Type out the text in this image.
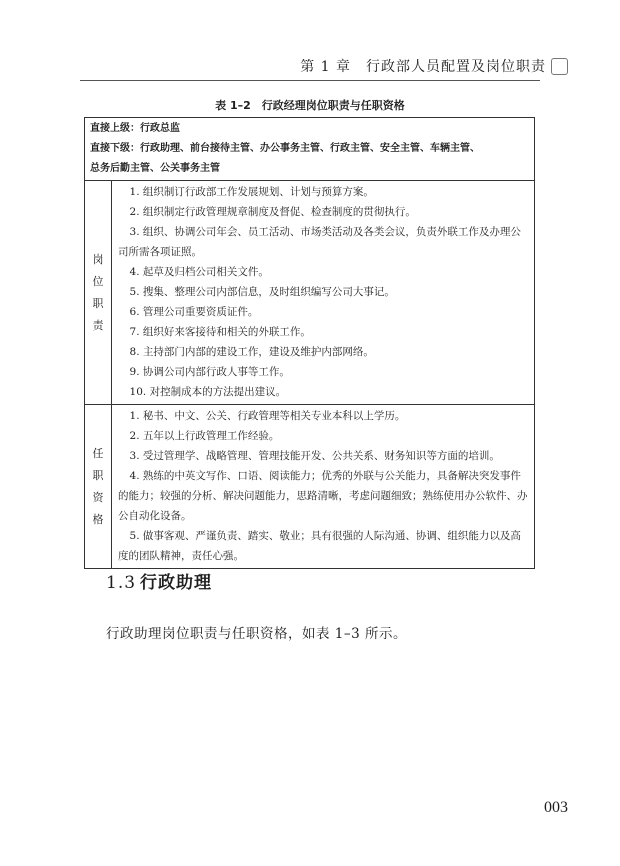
第 1 章　行政部人员配置及岗位职责
表 1–2　行政经理岗位职责与任职资格
直接上级：行政总监
直接下级：行政助理、前台接待主管、办公事务主管、行政主管、安全主管、车辆主管、
总务后勤主管、公关事务主管
岗
位
职
责
1. 组织制订行政部工作发展规划、计划与预算方案。
2. 组织制定行政管理规章制度及督促、检查制度的贯彻执行。
3. 组织、协调公司年会、员工活动、市场类活动及各类会议，负责外联工作及办理公司所需各项证照。
4. 起草及归档公司相关文件。
5. 搜集、整理公司内部信息，及时组织编写公司大事记。
6. 管理公司重要资质证件。
7. 组织好来客接待和相关的外联工作。
8. 主持部门内部的建设工作，建设及维护内部网络。
9. 协调公司内部行政人事等工作。
10. 对控制成本的方法提出建议。
任
职
资
格
1. 秘书、中文、公关、行政管理等相关专业本科以上学历。
2. 五年以上行政管理工作经验。
3. 受过管理学、战略管理、管理技能开发、公共关系、财务知识等方面的培训。
4. 熟练的中英文写作、口语、阅读能力；优秀的外联与公关能力，具备解决突发事件的能力；较强的分析、解决问题能力，思路清晰，考虑问题细致；熟练使用办公软件、办公自动化设备。
5. 做事客观、严谨负责、踏实、敬业；具有很强的人际沟通、协调、组织能力以及高度的团队精神，责任心强。
1.3 行政助理
行政助理岗位职责与任职资格，如表 1–3 所示。
003
